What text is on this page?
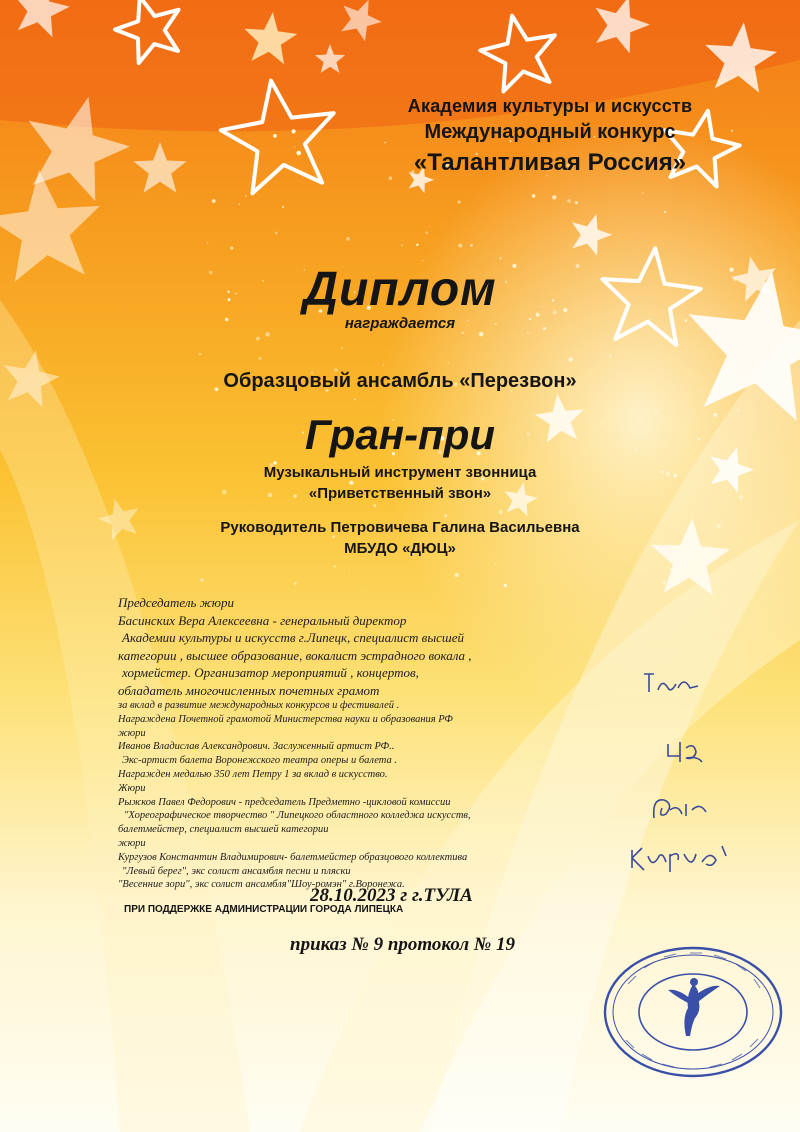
Академия культуры и искусств

Международный конкурс

«Талантливая Россия»

Диплом

награждается

Образцовый ансамбль «Перезвон»

Гран-при

Музыкальный инструмент звонница
«Приветственный звон»
Руководитель Петровичева Галина Васильевна
МБУДО «ДЮЦ»
Председатель жюри
Басинских Вера Алексеевна - генеральный директор
Академии культуры и искусств г.Липецк, специалист высшей
категории , высшее образование, вокалист эстрадного вокала ,
хормейстер. Организатор мероприятий , концертов,
обладатель многочисленных почетных грамот
за вклад в развитие международных конкурсов и фестивалей .
Награждена Почетной грамотой Министерства науки и образования РФ
жюри
Иванов Владислав Александрович. Заслуженный артист РФ..
Экс-артист балета Воронежского театра оперы и балета .
Награжден медалью 350 лет Петру 1 за вклад в искусство.
Жюри
Рыжков Павел Федорович - председатель Предметно -цикловой комиссии
"Хореографическое творчество " Липецкого областного колледжа искусств,
балетмейстер, специалист высшей категории
жюри
Кургузов Константин Владимирович- балетмейстер образцового коллектива
"Левый берег", экс солист ансамбля песни и пляски
"Весенние зори", экс солист ансамбля"Шоу-ромэн" г.Воронежа.

28.10.2023 г г.ТУЛА

ПРИ ПОДДЕРЖКЕ АДМИНИСТРАЦИИ ГОРОДА ЛИПЕЦКА

приказ № 9 протокол № 19
